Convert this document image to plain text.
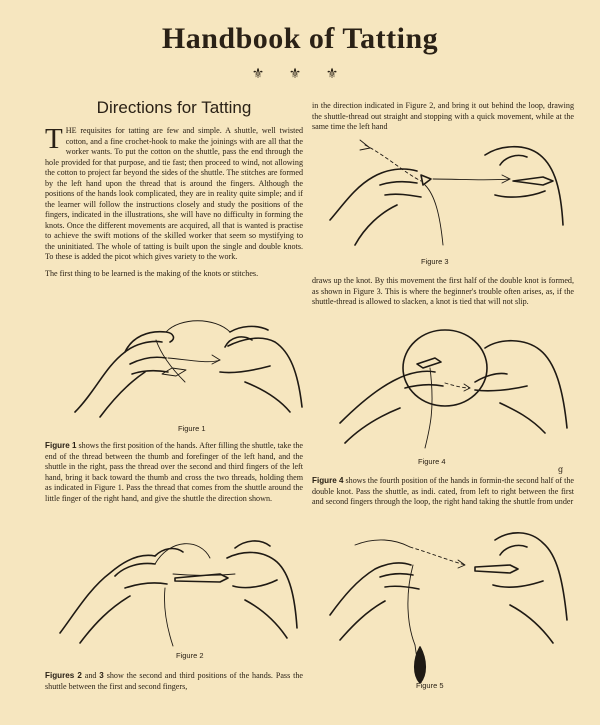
Handbook of Tatting
⚜ ⚜ ⚜
Directions for Tatting

THE requisites for tatting are few and simple. A shuttle, well twisted cotton, and a fine crochet-hook to make the joinings with are all that the worker wants. To put the cotton on the shuttle, pass the end through the hole provided for that purpose, and tie fast; then proceed to wind, not allowing the cotton to project far beyond the sides of the shuttle. The stitches are formed by the left hand upon the thread that is around the fingers. Although the positions of the hands look complicated, they are in reality quite simple; and if the learner will follow the instructions closely and study the positions of the fingers, indicated in the illustrations, she will have no difficulty in forming the knots. Once the different movements are acquired, all that is wanted is practise to achieve the swift motions of the skilled worker that seem so mystifying to the uninitiated. The whole of tatting is built upon the single and double knots. To these is added the picot which gives variety to the work.

The first thing to be learned is the making of the knots or stitches.

Figure 1

Figure 1 shows the first position of the hands. After filling the shuttle, take the end of the thread between the thumb and forefinger of the left hand, and the shuttle in the right, pass the thread over the second and third fingers of the left hand, bring it back toward the thumb and cross the two threads, holding them as indicated in Figure 1. Pass the thread that comes from the shuttle around the little finger of the right hand, and give the shuttle the direction shown.

Figure 2

Figures 2 and 3 show the second and third positions of the hands. Pass the shuttle between the first and second fingers,

in the direction indicated in Figure 2, and bring it out behind the loop, drawing the shuttle-thread out straight and stopping with a quick movement, while at the same time the left hand

Figure 3

draws up the knot. By this movement the first half of the double knot is formed, as shown in Figure 3. This is where the beginner's trouble often arises, as, if the shuttle-thread is allowed to slacken, a knot is tied that will not slip.

Figure 4
g

Figure 4 shows the fourth position of the hands in formin-the second half of the double knot. Pass the shuttle, as indi. cated, from left to right between the first and second fingers through the loop, the right hand taking the shuttle from under

Figure 5
